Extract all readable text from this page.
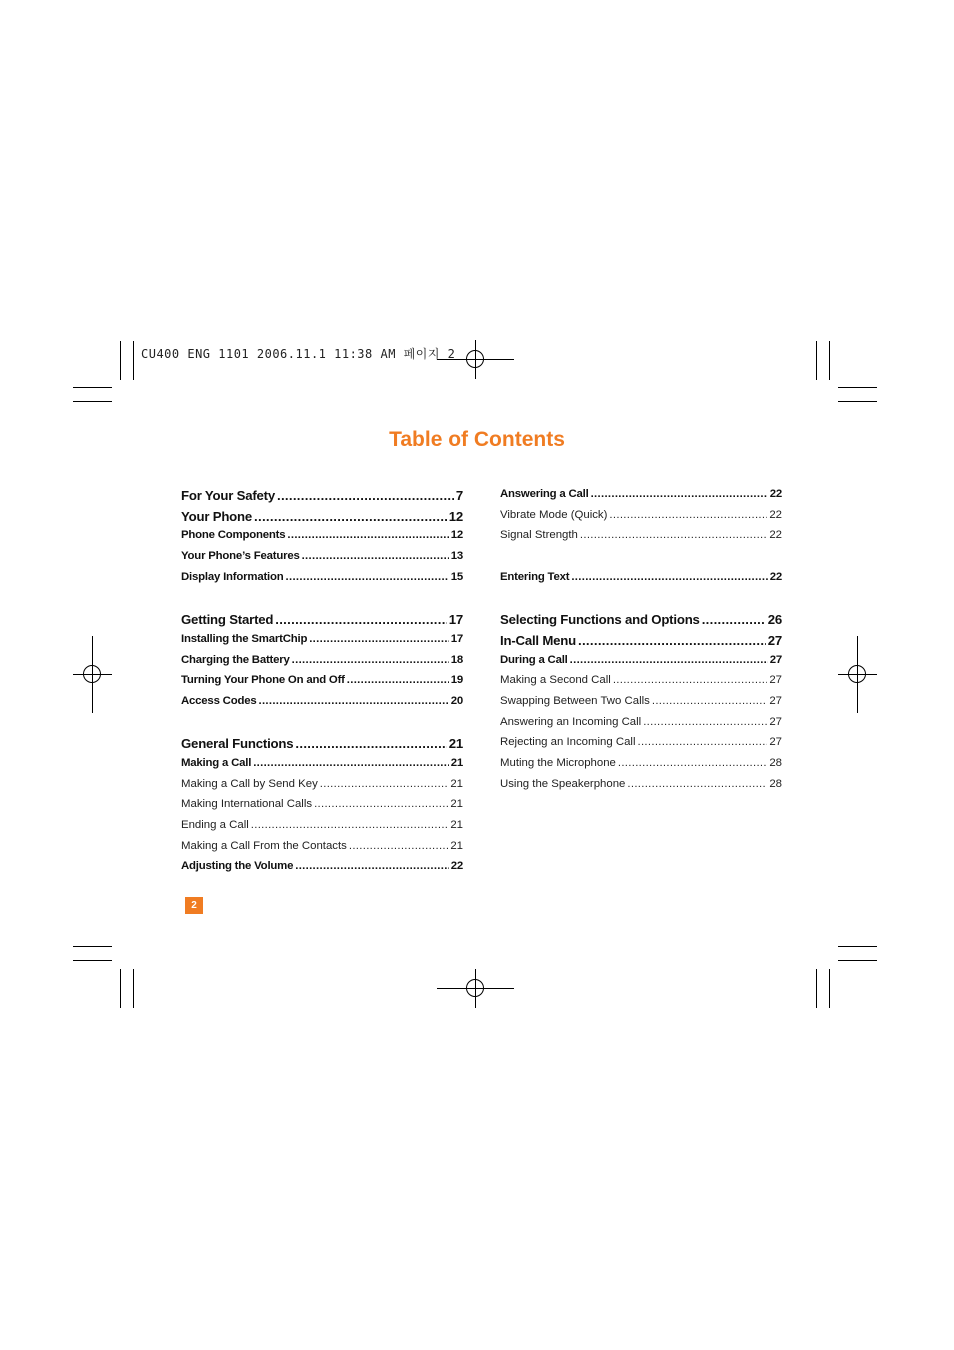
CU400 ENG 1101 2006.11.1 11:38 AM 페이지 2
Table of Contents
For Your Safety .....	7
Your Phone .....	12
Phone Components .....	12
Your Phone’s Features .....	13
Display Information .....	15
Getting Started .....	17
Installing the SmartChip .....	17
Charging the Battery .....	18
Turning Your Phone On and Off .....	19
Access Codes .....	20
General Functions .....	21
Making a Call .....	21
Making a Call by Send Key .....	21
Making International Calls .....	21
Ending a Call .....	21
Making a Call From the Contacts .....	21
Adjusting the Volume .....	22
Answering a Call .....	22
Vibrate Mode (Quick) .....	22
Signal Strength .....	22
Entering Text .....	22
Selecting Functions and Options .....	26
In-Call Menu .....	27
During a Call .....	27
Making a Second Call .....	27
Swapping Between Two Calls .....	27
Answering an Incoming Call .....	27
Rejecting an Incoming Call .....	27
Muting the Microphone .....	28
Using the Speakerphone .....	28
2
